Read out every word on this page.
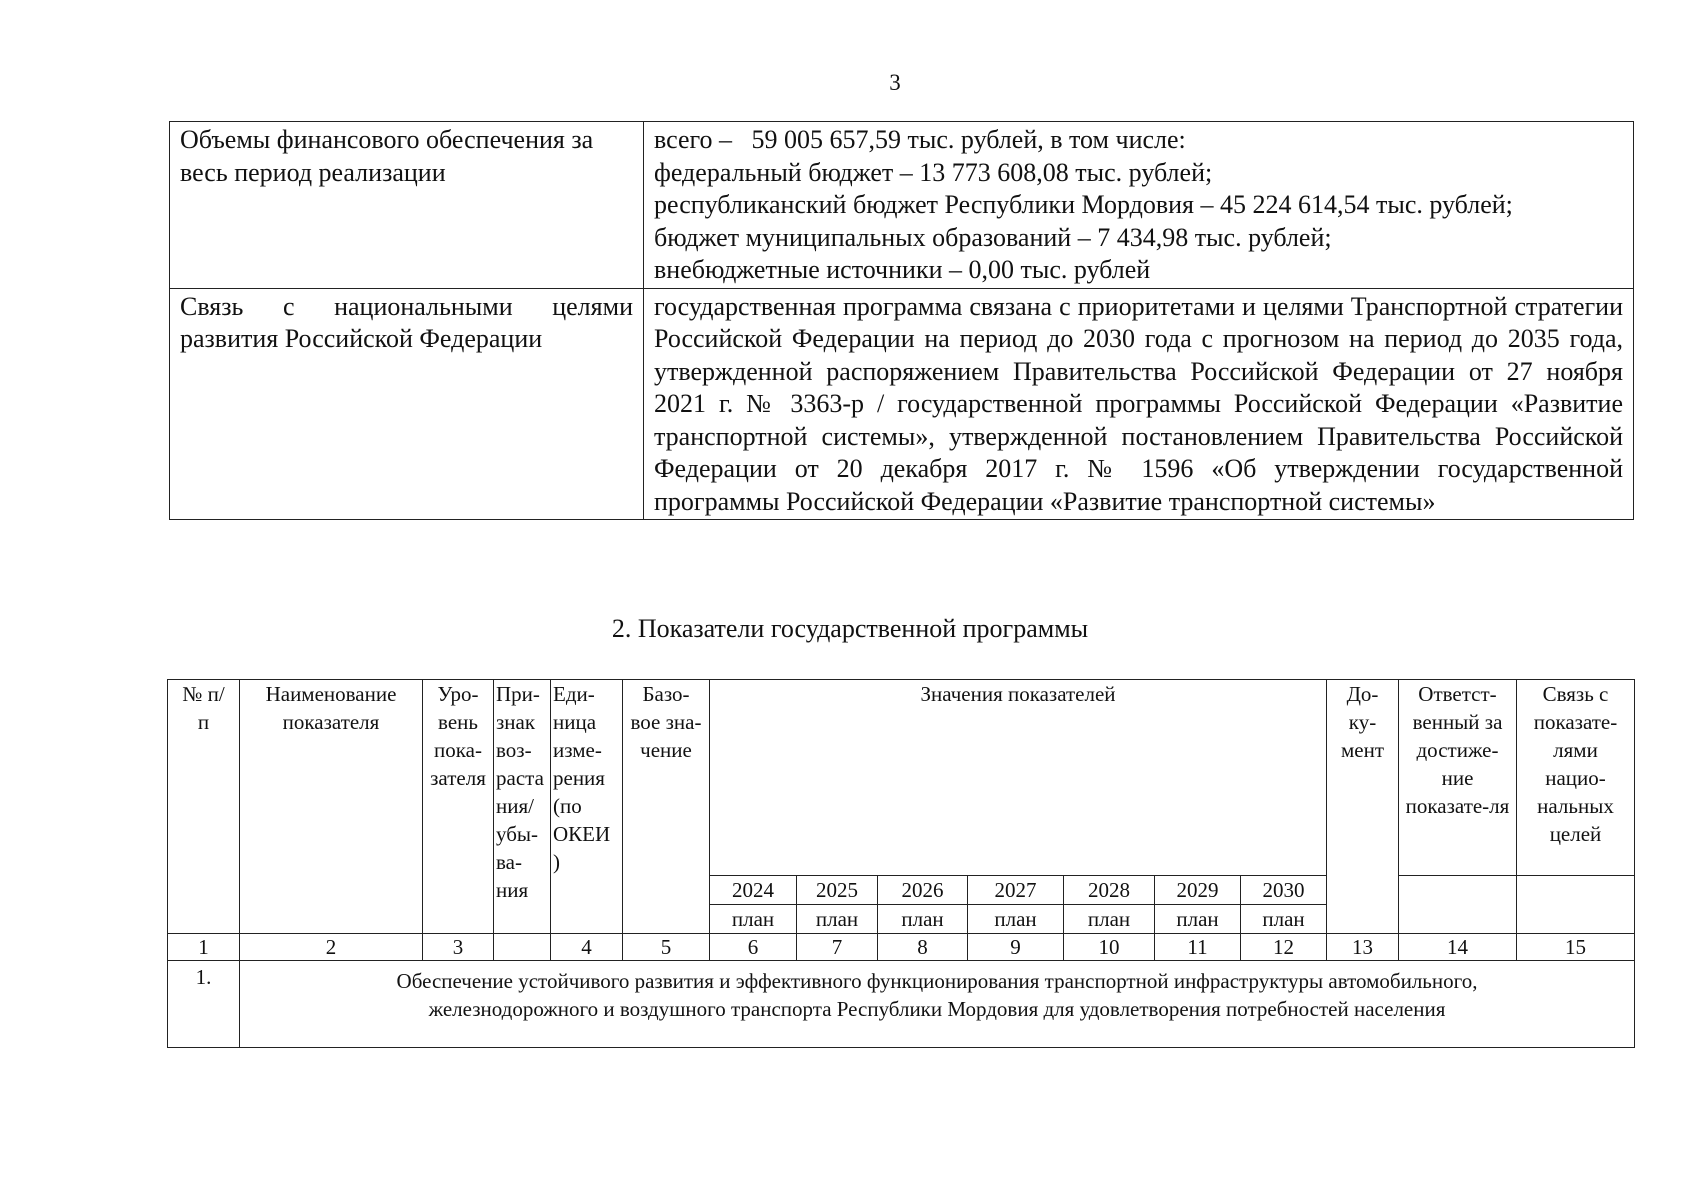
3
Объемы финансового обеспечения за весь период реализации	всего –   59 005 657,59 тыс. рублей, в том числе:
федеральный бюджет – 13 773 608,08 тыс. рублей;
республиканский бюджет Республики Мордовия – 45 224 614,54 тыс. рублей;
бюджет муниципальных образований – 7 434,98 тыс. рублей;
внебюджетные источники – 0,00 тыс. рублей

Связь с национальными целями развития Российской Федерации	государственная программа связана с приоритетами и целями Транспортной стратегии Российской Федерации на период до 2030 года с прогнозом на период до 2035 года, утвержденной распоряжением Правительства Российской Федерации от 27 ноября 2021 г. № 3363-р / государственной программы Российской Федерации «Развитие транспортной системы», утвержденной постановлением Правительства Российской Федерации от 20 декабря 2017 г. № 1596 «Об утверждении государственной программы Российской Федерации «Развитие транспортной системы»
2. Показатели государственной программы
№ п/п	Наименование показателя	Уро-вень пока-зателя	При-знак воз-раста ния/ убы-ва-ния	Еди-ница изме-рения (по ОКЕИ )	Базо-вое зна-чение	Значения показателей							До-ку-мент	Ответст-венный за достиже-ние показате-ля	Связь с показате-лями нацио-нальных целей
						2024	2025	2026	2027	2028	2029	2030			
						план	план	план	план	план	план	план			
1	2	3		4	5	6	7	8	9	10	11	12	13	14	15
1.	Обеспечение устойчивого развития и эффективного функционирования транспортной инфраструктуры автомобильного,
железнодорожного и воздушного транспорта Республики Мордовия для удовлетворения потребностей населения														
